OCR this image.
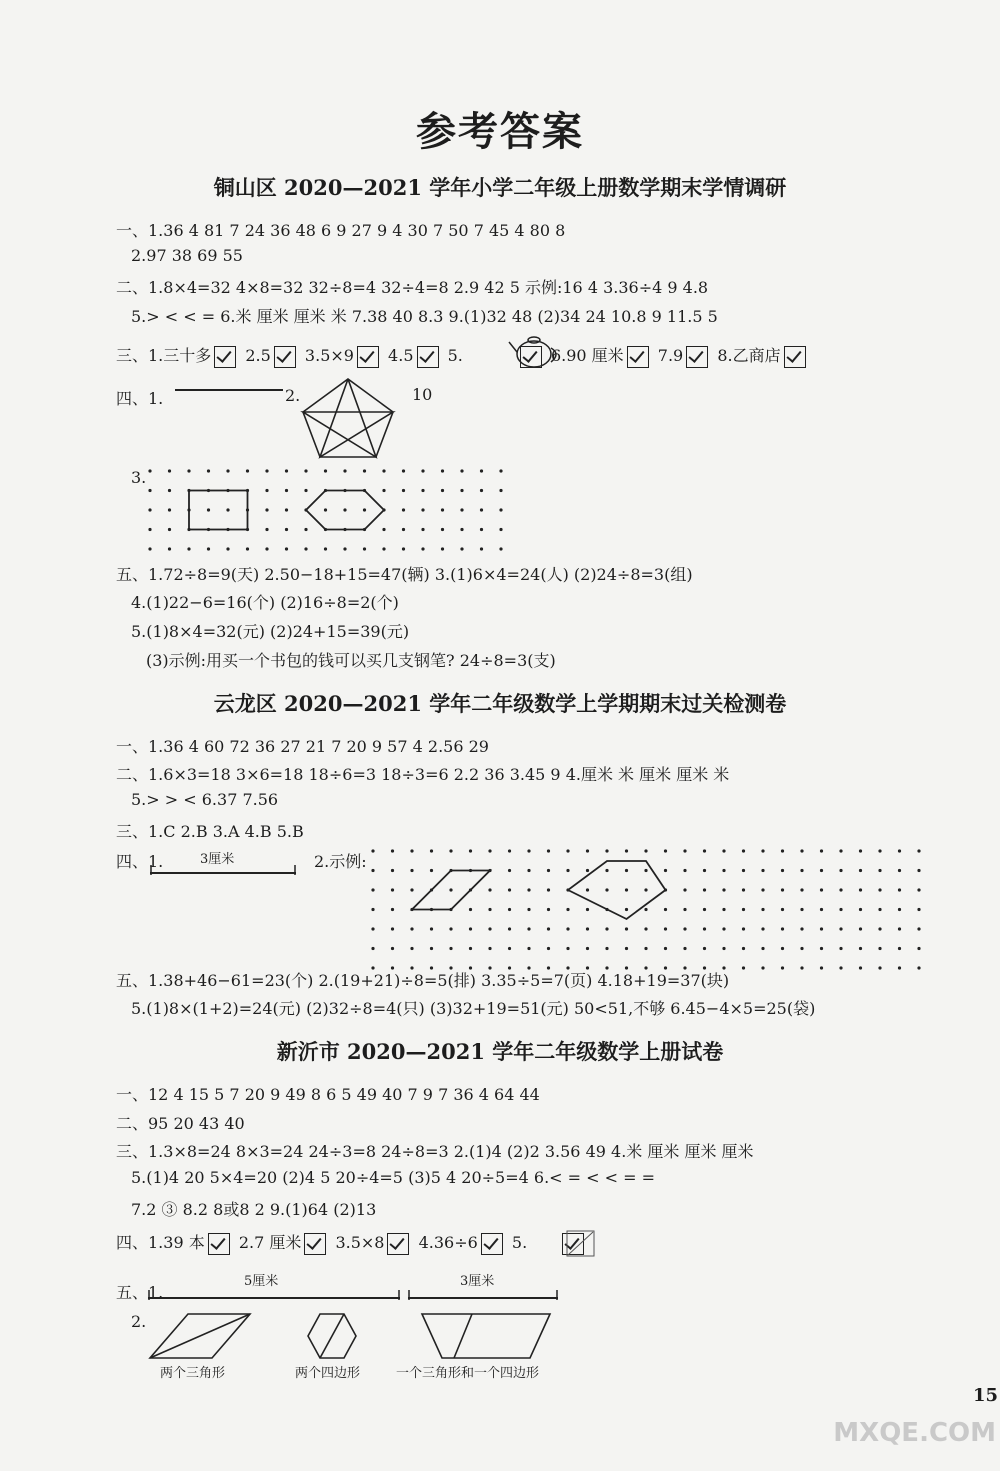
参考答案
铜山区 2020—2021 学年小学二年级上册数学期末学情调研
一、1.36 4 81 7 24 36 48 6 9 27 9 4 30 7 50 7 45 4 80 8
2.97 38 69 55
二、1.8×4=32 4×8=32 32÷8=4 32÷4=8 2.9 42 5 示例:16 4 3.36÷4 9 4.8
5.> < < = 6.米 厘米 厘米 米 7.38 40 8.3 9.(1)32 48 (2)34 24 10.8 9 11.5 5
三、1.三十多 2.5 3.5×9 4.5 5.	6.90 厘米 7.9 8.乙商店
四、1.	2.	10
3.
五、1.72÷8=9(天) 2.50−18+15=47(辆) 3.(1)6×4=24(人) (2)24÷8=3(组)
4.(1)22−6=16(个) (2)16÷8=2(个)
5.(1)8×4=32(元) (2)24+15=39(元)
(3)示例:用买一个书包的钱可以买几支钢笔? 24÷8=3(支)
云龙区 2020—2021 学年二年级数学上学期期末过关检测卷
一、1.36 4 60 72 36 27 21 7 20 9 57 4 2.56 29
二、1.6×3=18 3×6=18 18÷6=3 18÷3=6 2.2 36 3.45 9 4.厘米 米 厘米 厘米 米
5.> > < 6.37 7.56
三、1.C 2.B 3.A 4.B 5.B
四、1.	3厘米	2.示例:
五、1.38+46−61=23(个) 2.(19+21)÷8=5(排) 3.35÷5=7(页) 4.18+19=37(块)
5.(1)8×(1+2)=24(元) (2)32÷8=4(只) (3)32+19=51(元) 50<51,不够 6.45−4×5=25(袋)
新沂市 2020—2021 学年二年级数学上册试卷
一、12 4 15 5 7 20 9 49 8 6 5 49 40 7 9 7 36 4 64 44
二、95 20 43 40
三、1.3×8=24 8×3=24 24÷3=8 24÷8=3 2.(1)4 (2)2 3.56 49 4.米 厘米 厘米 厘米
5.(1)4 20 5×4=20 (2)4 5 20÷4=5 (3)5 4 20÷5=4 6.< = < < = =
7.2 ③ 8.2 8或8 2 9.(1)64 (2)13
四、1.39 本 2.7 厘米 3.5×8 4.36÷6 5.
五、1.
5厘米	3厘米
2.
两个三角形	两个四边形	一个三角形和一个四边形
15
MXQE.COM
